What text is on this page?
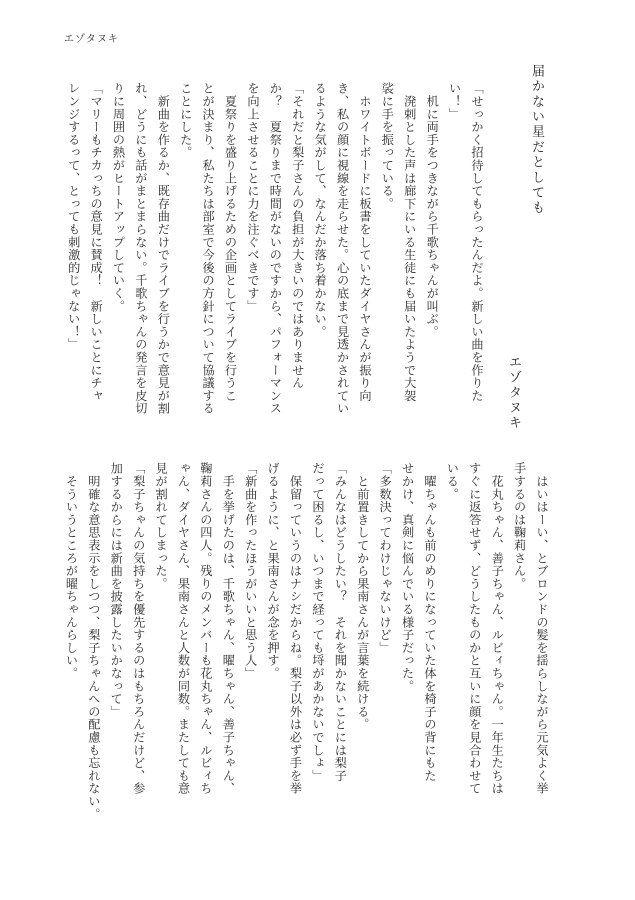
エゾタヌキ
届かない星だとしても
エゾタヌキ
「せっかく招待してもらったんだよ。新しい曲を作りた
い！」
　机に両手をつきながら千歌ちゃんが叫ぶ。
　溌剌とした声は廊下にいる生徒にも届いたようで大袈
裟に手を振っている。
　ホワイトボードに板書をしていたダイヤさんが振り向
き、私の顔に視線を走らせた。心の底まで見透かされてい
るような気がして、なんだか落ち着かない。
「それだと梨子さんの負担が大きいのではありません
か？　夏祭りまで時間がないのですから、パフォーマンス
を向上させることに力を注ぐべきです」
　夏祭りを盛り上げるための企画としてライブを行うこ
とが決まり、私たちは部室で今後の方針について協議する
ことにした。
　新曲を作るか、既存曲だけでライブを行うかで意見が割
れ、どうにも話がまとまらない。千歌ちゃんの発言を皮切
りに周囲の熱がヒートアップしていく。
「マリーもチカっちの意見に賛成！　新しいことにチャ
レンジするって、とっても刺激的じゃない！」
　はいはーい、とブロンドの髪を揺らしながら元気よく挙
手するのは鞠莉さん。
　花丸ちゃん、善子ちゃん、ルビィちゃん。一年生たちは
すぐに返答せず、どうしたものかと互いに顔を見合わせて
いる。
　曜ちゃんも前のめりになっていた体を椅子の背にもた
せかけ、真剣に悩んでいる様子だった。
「多数決ってわけじゃないけど」
　と前置きしてから果南さんが言葉を続ける。
「みんなはどうしたい？　それを聞かないことには梨子
だって困るし、いつまで経っても埒があかないでしょ」
　保留っていうのはナシだからね。梨子以外は必ず手を挙
げるように、と果南さんが念を押す。
「新曲を作ったほうがいいと思う人」
　手を挙げたのは、千歌ちゃん、曜ちゃん、善子ちゃん、
鞠莉さんの四人。残りのメンバーも花丸ちゃん、ルビィち
ゃん、ダイヤさん、果南さんと人数が同数。またしても意
見が割れてしまった。
「梨子ちゃんの気持ちを優先するのはもちろんだけど、参
加するからには新曲を披露したいかなって」
　明確な意思表示をしつつ、梨子ちゃんへの配慮も忘れない。
　そういうところが曜ちゃんらしい。
